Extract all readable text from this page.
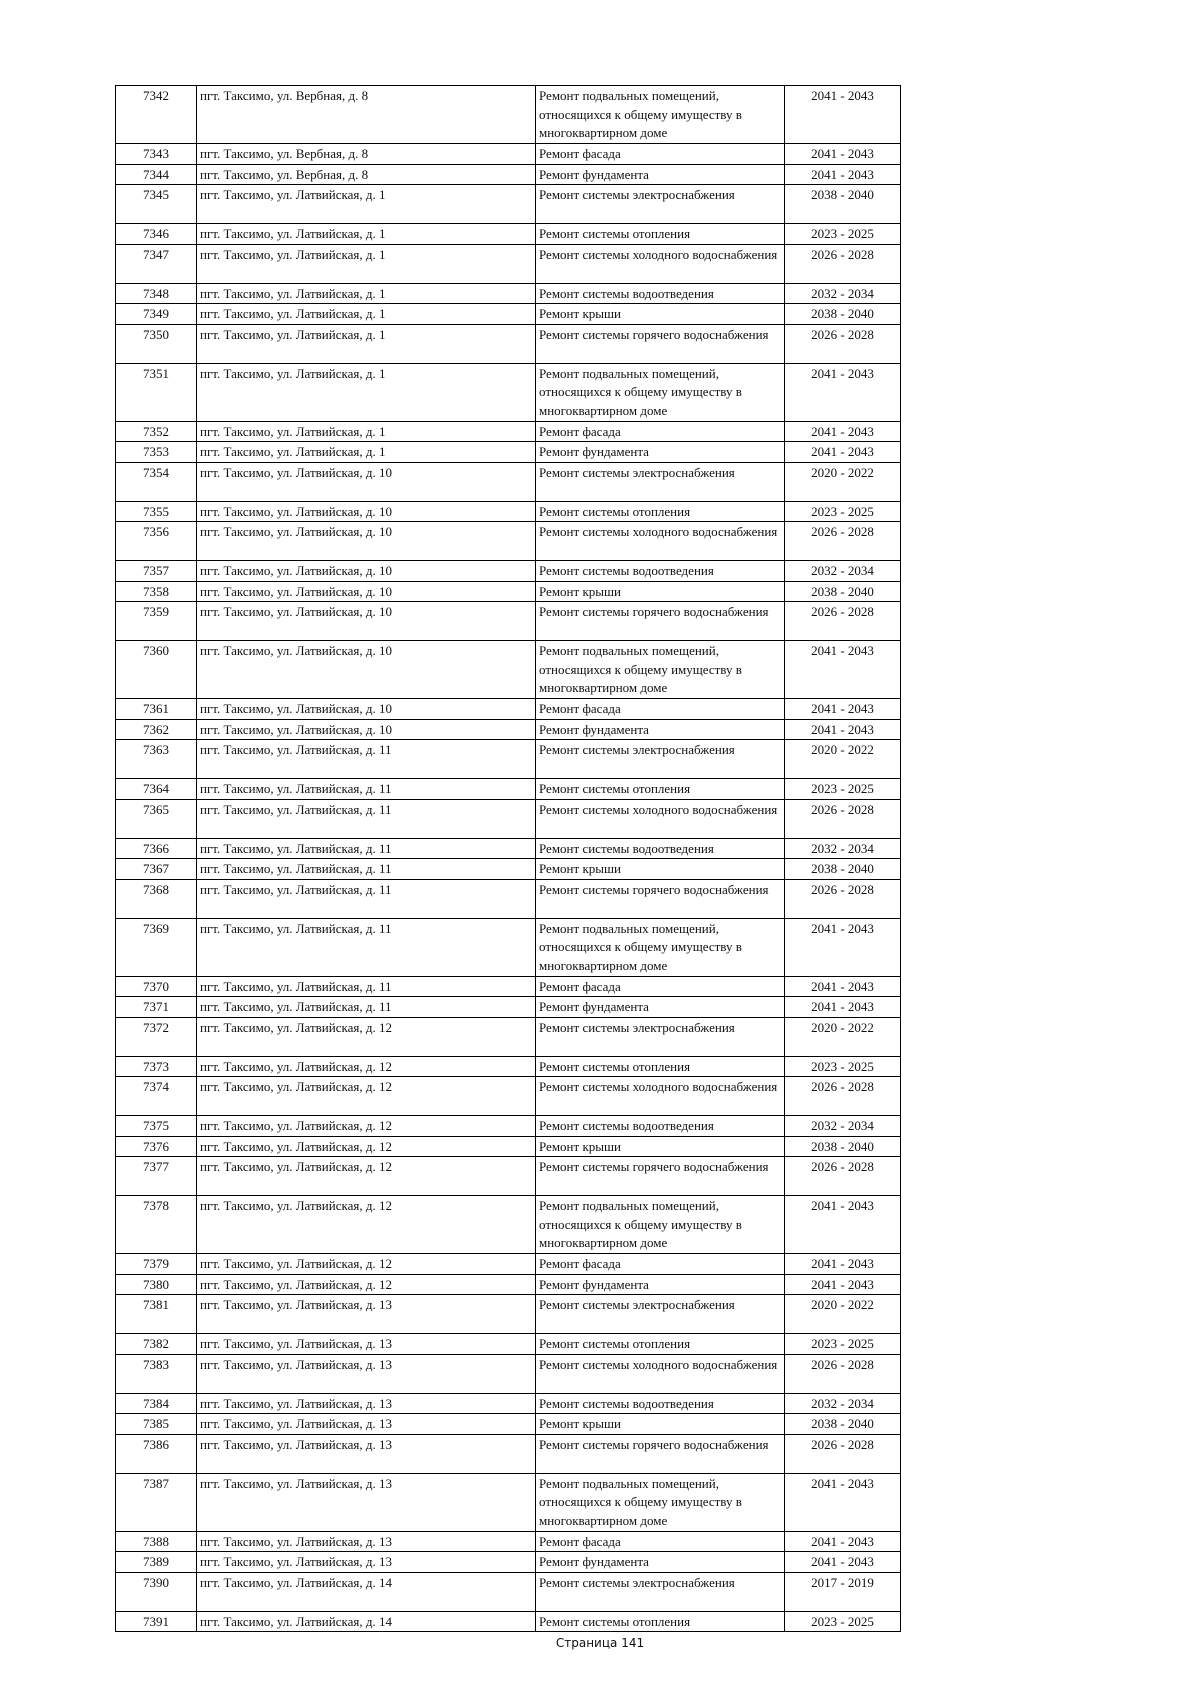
7342	пгт. Таксимо, ул. Вербная, д. 8	Ремонт подвальных помещений, относящихся к общему имуществу в многоквартирном доме	2041 - 2043
7343	пгт. Таксимо, ул. Вербная, д. 8	Ремонт фасада	2041 - 2043
7344	пгт. Таксимо, ул. Вербная, д. 8	Ремонт фундамента	2041 - 2043
7345	пгт. Таксимо, ул. Латвийская, д. 1	Ремонт системы электроснабжения	2038 - 2040
7346	пгт. Таксимо, ул. Латвийская, д. 1	Ремонт системы отопления	2023 - 2025
7347	пгт. Таксимо, ул. Латвийская, д. 1	Ремонт системы холодного водоснабжения	2026 - 2028
7348	пгт. Таксимо, ул. Латвийская, д. 1	Ремонт системы водоотведения	2032 - 2034
7349	пгт. Таксимо, ул. Латвийская, д. 1	Ремонт крыши	2038 - 2040
7350	пгт. Таксимо, ул. Латвийская, д. 1	Ремонт системы горячего водоснабжения	2026 - 2028
7351	пгт. Таксимо, ул. Латвийская, д. 1	Ремонт подвальных помещений, относящихся к общему имуществу в многоквартирном доме	2041 - 2043
7352	пгт. Таксимо, ул. Латвийская, д. 1	Ремонт фасада	2041 - 2043
7353	пгт. Таксимо, ул. Латвийская, д. 1	Ремонт фундамента	2041 - 2043
7354	пгт. Таксимо, ул. Латвийская, д. 10	Ремонт системы электроснабжения	2020 - 2022
7355	пгт. Таксимо, ул. Латвийская, д. 10	Ремонт системы отопления	2023 - 2025
7356	пгт. Таксимо, ул. Латвийская, д. 10	Ремонт системы холодного водоснабжения	2026 - 2028
7357	пгт. Таксимо, ул. Латвийская, д. 10	Ремонт системы водоотведения	2032 - 2034
7358	пгт. Таксимо, ул. Латвийская, д. 10	Ремонт крыши	2038 - 2040
7359	пгт. Таксимо, ул. Латвийская, д. 10	Ремонт системы горячего водоснабжения	2026 - 2028
7360	пгт. Таксимо, ул. Латвийская, д. 10	Ремонт подвальных помещений, относящихся к общему имуществу в многоквартирном доме	2041 - 2043
7361	пгт. Таксимо, ул. Латвийская, д. 10	Ремонт фасада	2041 - 2043
7362	пгт. Таксимо, ул. Латвийская, д. 10	Ремонт фундамента	2041 - 2043
7363	пгт. Таксимо, ул. Латвийская, д. 11	Ремонт системы электроснабжения	2020 - 2022
7364	пгт. Таксимо, ул. Латвийская, д. 11	Ремонт системы отопления	2023 - 2025
7365	пгт. Таксимо, ул. Латвийская, д. 11	Ремонт системы холодного водоснабжения	2026 - 2028
7366	пгт. Таксимо, ул. Латвийская, д. 11	Ремонт системы водоотведения	2032 - 2034
7367	пгт. Таксимо, ул. Латвийская, д. 11	Ремонт крыши	2038 - 2040
7368	пгт. Таксимо, ул. Латвийская, д. 11	Ремонт системы горячего водоснабжения	2026 - 2028
7369	пгт. Таксимо, ул. Латвийская, д. 11	Ремонт подвальных помещений, относящихся к общему имуществу в многоквартирном доме	2041 - 2043
7370	пгт. Таксимо, ул. Латвийская, д. 11	Ремонт фасада	2041 - 2043
7371	пгт. Таксимо, ул. Латвийская, д. 11	Ремонт фундамента	2041 - 2043
7372	пгт. Таксимо, ул. Латвийская, д. 12	Ремонт системы электроснабжения	2020 - 2022
7373	пгт. Таксимо, ул. Латвийская, д. 12	Ремонт системы отопления	2023 - 2025
7374	пгт. Таксимо, ул. Латвийская, д. 12	Ремонт системы холодного водоснабжения	2026 - 2028
7375	пгт. Таксимо, ул. Латвийская, д. 12	Ремонт системы водоотведения	2032 - 2034
7376	пгт. Таксимо, ул. Латвийская, д. 12	Ремонт крыши	2038 - 2040
7377	пгт. Таксимо, ул. Латвийская, д. 12	Ремонт системы горячего водоснабжения	2026 - 2028
7378	пгт. Таксимо, ул. Латвийская, д. 12	Ремонт подвальных помещений, относящихся к общему имуществу в многоквартирном доме	2041 - 2043
7379	пгт. Таксимо, ул. Латвийская, д. 12	Ремонт фасада	2041 - 2043
7380	пгт. Таксимо, ул. Латвийская, д. 12	Ремонт фундамента	2041 - 2043
7381	пгт. Таксимо, ул. Латвийская, д. 13	Ремонт системы электроснабжения	2020 - 2022
7382	пгт. Таксимо, ул. Латвийская, д. 13	Ремонт системы отопления	2023 - 2025
7383	пгт. Таксимо, ул. Латвийская, д. 13	Ремонт системы холодного водоснабжения	2026 - 2028
7384	пгт. Таксимо, ул. Латвийская, д. 13	Ремонт системы водоотведения	2032 - 2034
7385	пгт. Таксимо, ул. Латвийская, д. 13	Ремонт крыши	2038 - 2040
7386	пгт. Таксимо, ул. Латвийская, д. 13	Ремонт системы горячего водоснабжения	2026 - 2028
7387	пгт. Таксимо, ул. Латвийская, д. 13	Ремонт подвальных помещений, относящихся к общему имуществу в многоквартирном доме	2041 - 2043
7388	пгт. Таксимо, ул. Латвийская, д. 13	Ремонт фасада	2041 - 2043
7389	пгт. Таксимо, ул. Латвийская, д. 13	Ремонт фундамента	2041 - 2043
7390	пгт. Таксимо, ул. Латвийская, д. 14	Ремонт системы электроснабжения	2017 - 2019
7391	пгт. Таксимо, ул. Латвийская, д. 14	Ремонт системы отопления	2023 - 2025
Страница 141
